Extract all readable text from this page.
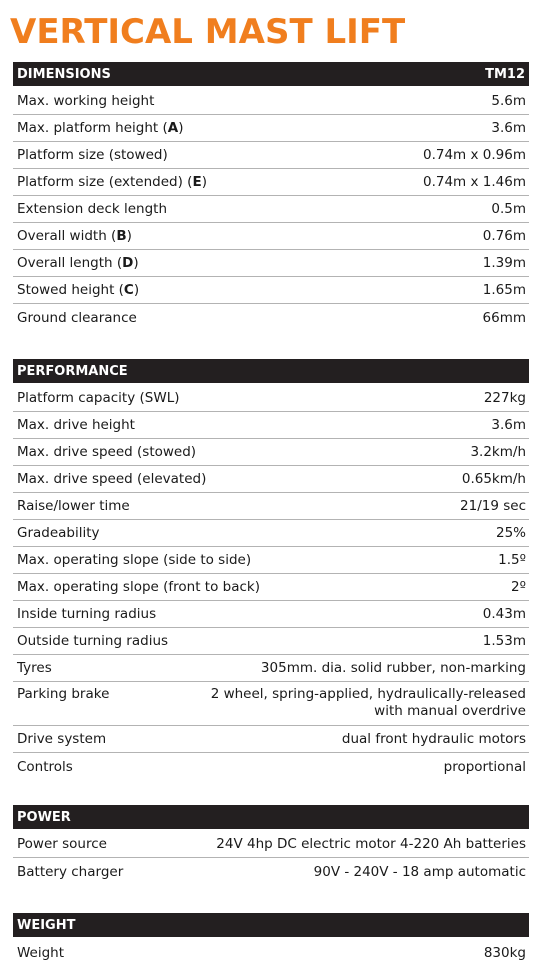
VERTICAL MAST LIFT
DIMENSIONS	TM12
Max. working height	5.6m
Max. platform height (A)	3.6m
Platform size (stowed)	0.74m x 0.96m
Platform size (extended) (E)	0.74m x 1.46m
Extension deck length	0.5m
Overall width (B)	0.76m
Overall length (D)	1.39m
Stowed height (C)	1.65m
Ground clearance	66mm
PERFORMANCE
Platform capacity (SWL)	227kg
Max. drive height	3.6m
Max. drive speed (stowed)	3.2km/h
Max. drive speed (elevated)	0.65km/h
Raise/lower time	21/19 sec
Gradeability	25%
Max. operating slope (side to side)	1.5º
Max. operating slope (front to back)	2º
Inside turning radius	0.43m
Outside turning radius	1.53m
Tyres	305mm. dia. solid rubber, non-marking
Parking brake	2 wheel, spring-applied, hydraulically-released
with manual overdrive
Drive system	dual front hydraulic motors
Controls	proportional
POWER
Power source	24V 4hp DC electric motor 4-220 Ah batteries
Battery charger	90V - 240V - 18 amp automatic
WEIGHT
Weight	830kg
